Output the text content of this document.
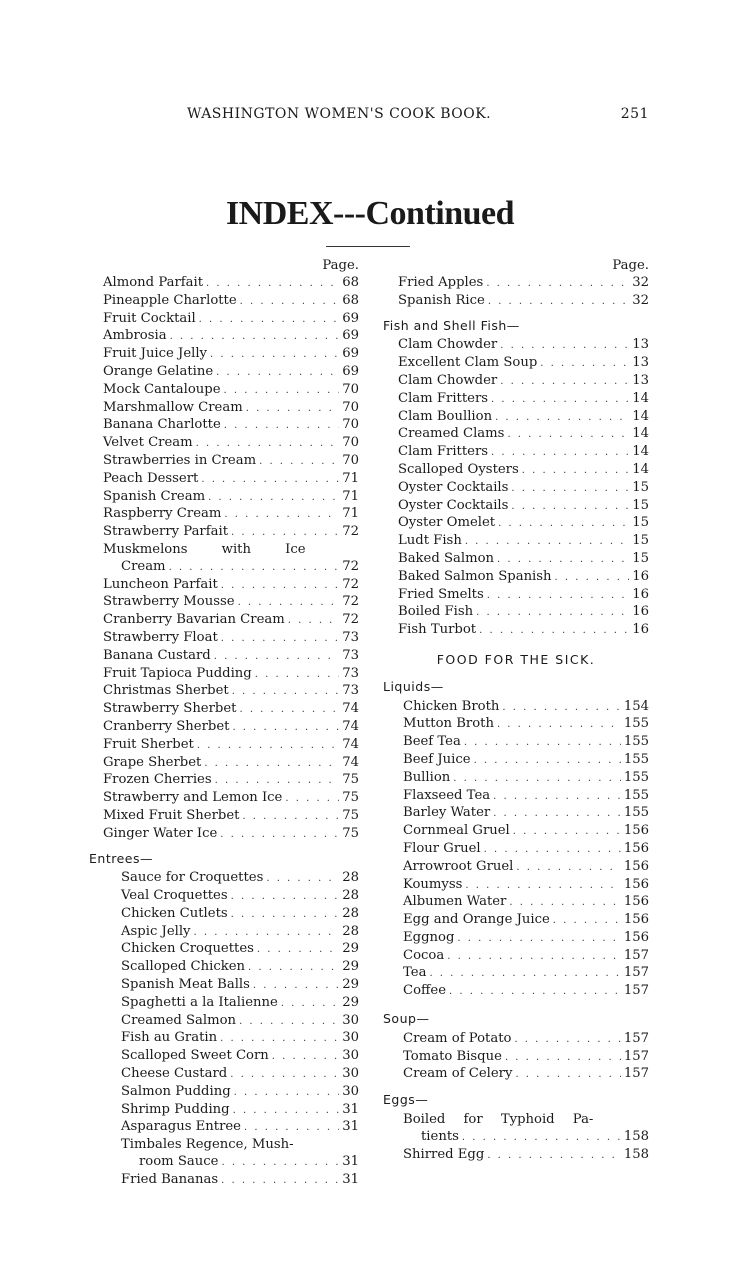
WASHINGTON WOMEN'S COOK BOOK.	251
INDEX---Continued
Page.
Almond Parfait . . .	68
Pineapple Charlotte . . .	68
Fruit Cocktail . . .	69
Ambrosia . . .	69
Fruit Juice Jelly . . .	69
Orange Gelatine . . .	69
Mock Cantaloupe . . .	70
Marshmallow Cream . . .	70
Banana Charlotte . . .	70
Velvet Cream . . .	70
Strawberries in Cream . . .	70
Peach Dessert . . .	71
Spanish Cream . . .	71
Raspberry Cream . . .	71
Strawberry Parfait . . .	72
Muskmelons with Ice
Cream . . .	72
Luncheon Parfait . . .	72
Strawberry Mousse . . .	72
Cranberry Bavarian Cream . . .	72
Strawberry Float . . .	73
Banana Custard . . .	73
Fruit Tapioca Pudding . . .	73
Christmas Sherbet . . .	73
Strawberry Sherbet . . .	74
Cranberry Sherbet . . .	74
Fruit Sherbet . . .	74
Grape Sherbet . . .	74
Frozen Cherries . . .	75
Strawberry and Lemon Ice . . .	75
Mixed Fruit Sherbet . . .	75
Ginger Water Ice . . .	75
Entrees—
Sauce for Croquettes . . .	28
Veal Croquettes . . .	28
Chicken Cutlets . . .	28
Aspic Jelly . . .	28
Chicken Croquettes . . .	29
Scalloped Chicken . . .	29
Spanish Meat Balls . . .	29
Spaghetti a la Italienne . . .	29
Creamed Salmon . . .	30
Fish au Gratin . . .	30
Scalloped Sweet Corn . . .	30
Cheese Custard . . .	30
Salmon Pudding . . .	30
Shrimp Pudding . . .	31
Asparagus Entree . . .	31
Timbales Regence, Mush-
room Sauce . . .	31
Fried Bananas . . .	31
Page.
Fried Apples . . .	32
Spanish Rice . . .	32
Fish and Shell Fish—
Clam Chowder . . .	13
Excellent Clam Soup . . .	13
Clam Chowder . . .	13
Clam Fritters . . .	14
Clam Boullion . . .	14
Creamed Clams . . .	14
Clam Fritters . . .	14
Scalloped Oysters . . .	14
Oyster Cocktails . . .	15
Oyster Cocktails . . .	15
Oyster Omelet . . .	15
Ludt Fish . . .	15
Baked Salmon . . .	15
Baked Salmon Spanish . . .	16
Fried Smelts . . .	16
Boiled Fish . . .	16
Fish Turbot . . .	16
FOOD FOR THE SICK.
Liquids—
Chicken Broth . . .	154
Mutton Broth . . .	155
Beef Tea . . .	155
Beef Juice . . .	155
Bullion . . .	155
Flaxseed Tea . . .	155
Barley Water . . .	155
Cornmeal Gruel . . .	156
Flour Gruel . . .	156
Arrowroot Gruel . . .	156
Koumyss . . .	156
Albumen Water . . .	156
Egg and Orange Juice . . .	156
Eggnog . . .	156
Cocoa . . .	157
Tea . . .	157
Coffee . . .	157
Soup—
Cream of Potato . . .	157
Tomato Bisque . . .	157
Cream of Celery . . .	157
Eggs—
Boiled for Typhoid Pa-
tients . . .	158
Shirred Egg . . .	158
